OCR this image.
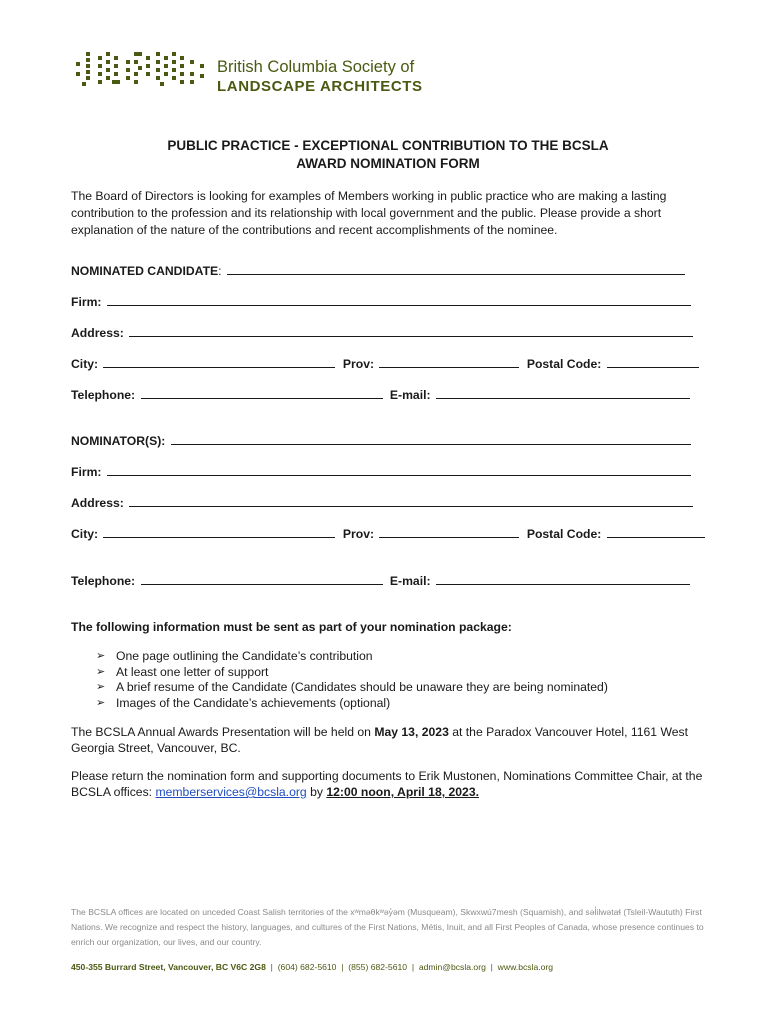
British Columbia Society of
LANDSCAPE ARCHITECTS
PUBLIC PRACTICE - EXCEPTIONAL CONTRIBUTION TO THE BCSLA
AWARD NOMINATION FORM
The Board of Directors is looking for examples of Members working in public practice who are making a lasting contribution to the profession and its relationship with local government and the public. Please provide a short explanation of the nature of the contributions and recent accomplishments of the nominee.
NOMINATED CANDIDATE:
Firm:
Address:
City:	Prov:	Postal Code:
Telephone:	E-mail:
NOMINATOR(S):
Firm:
Address:
City:	Prov:	Postal Code:
Telephone:	E-mail:
The following information must be sent as part of your nomination package:
➢ One page outlining the Candidate’s contribution
➢ At least one letter of support
➢ A brief resume of the Candidate (Candidates should be unaware they are being nominated)
➢ Images of the Candidate’s achievements (optional)
The BCSLA Annual Awards Presentation will be held on May 13, 2023 at the Paradox Vancouver Hotel, 1161 West Georgia Street, Vancouver, BC.
Please return the nomination form and supporting documents to Erik Mustonen, Nominations Committee Chair, at the BCSLA offices: memberservices@bcsla.org by 12:00 noon, April 18, 2023.
The BCSLA offices are located on unceded Coast Salish territories of the xʷməθkʷəy̓əm (Musqueam), Skwxwú7mesh (Squamish), and səl̓ilwətaɬ (Tsleil-Waututh) First Nations. We recognize and respect the history, languages, and cultures of the First Nations, Métis, Inuit, and all First Peoples of Canada, whose presence continues to enrich our organization, our lives, and our country.
450-355 Burrard Street, Vancouver, BC V6C 2G8 | (604) 682-5610 | (855) 682-5610 | admin@bcsla.org | www.bcsla.org
